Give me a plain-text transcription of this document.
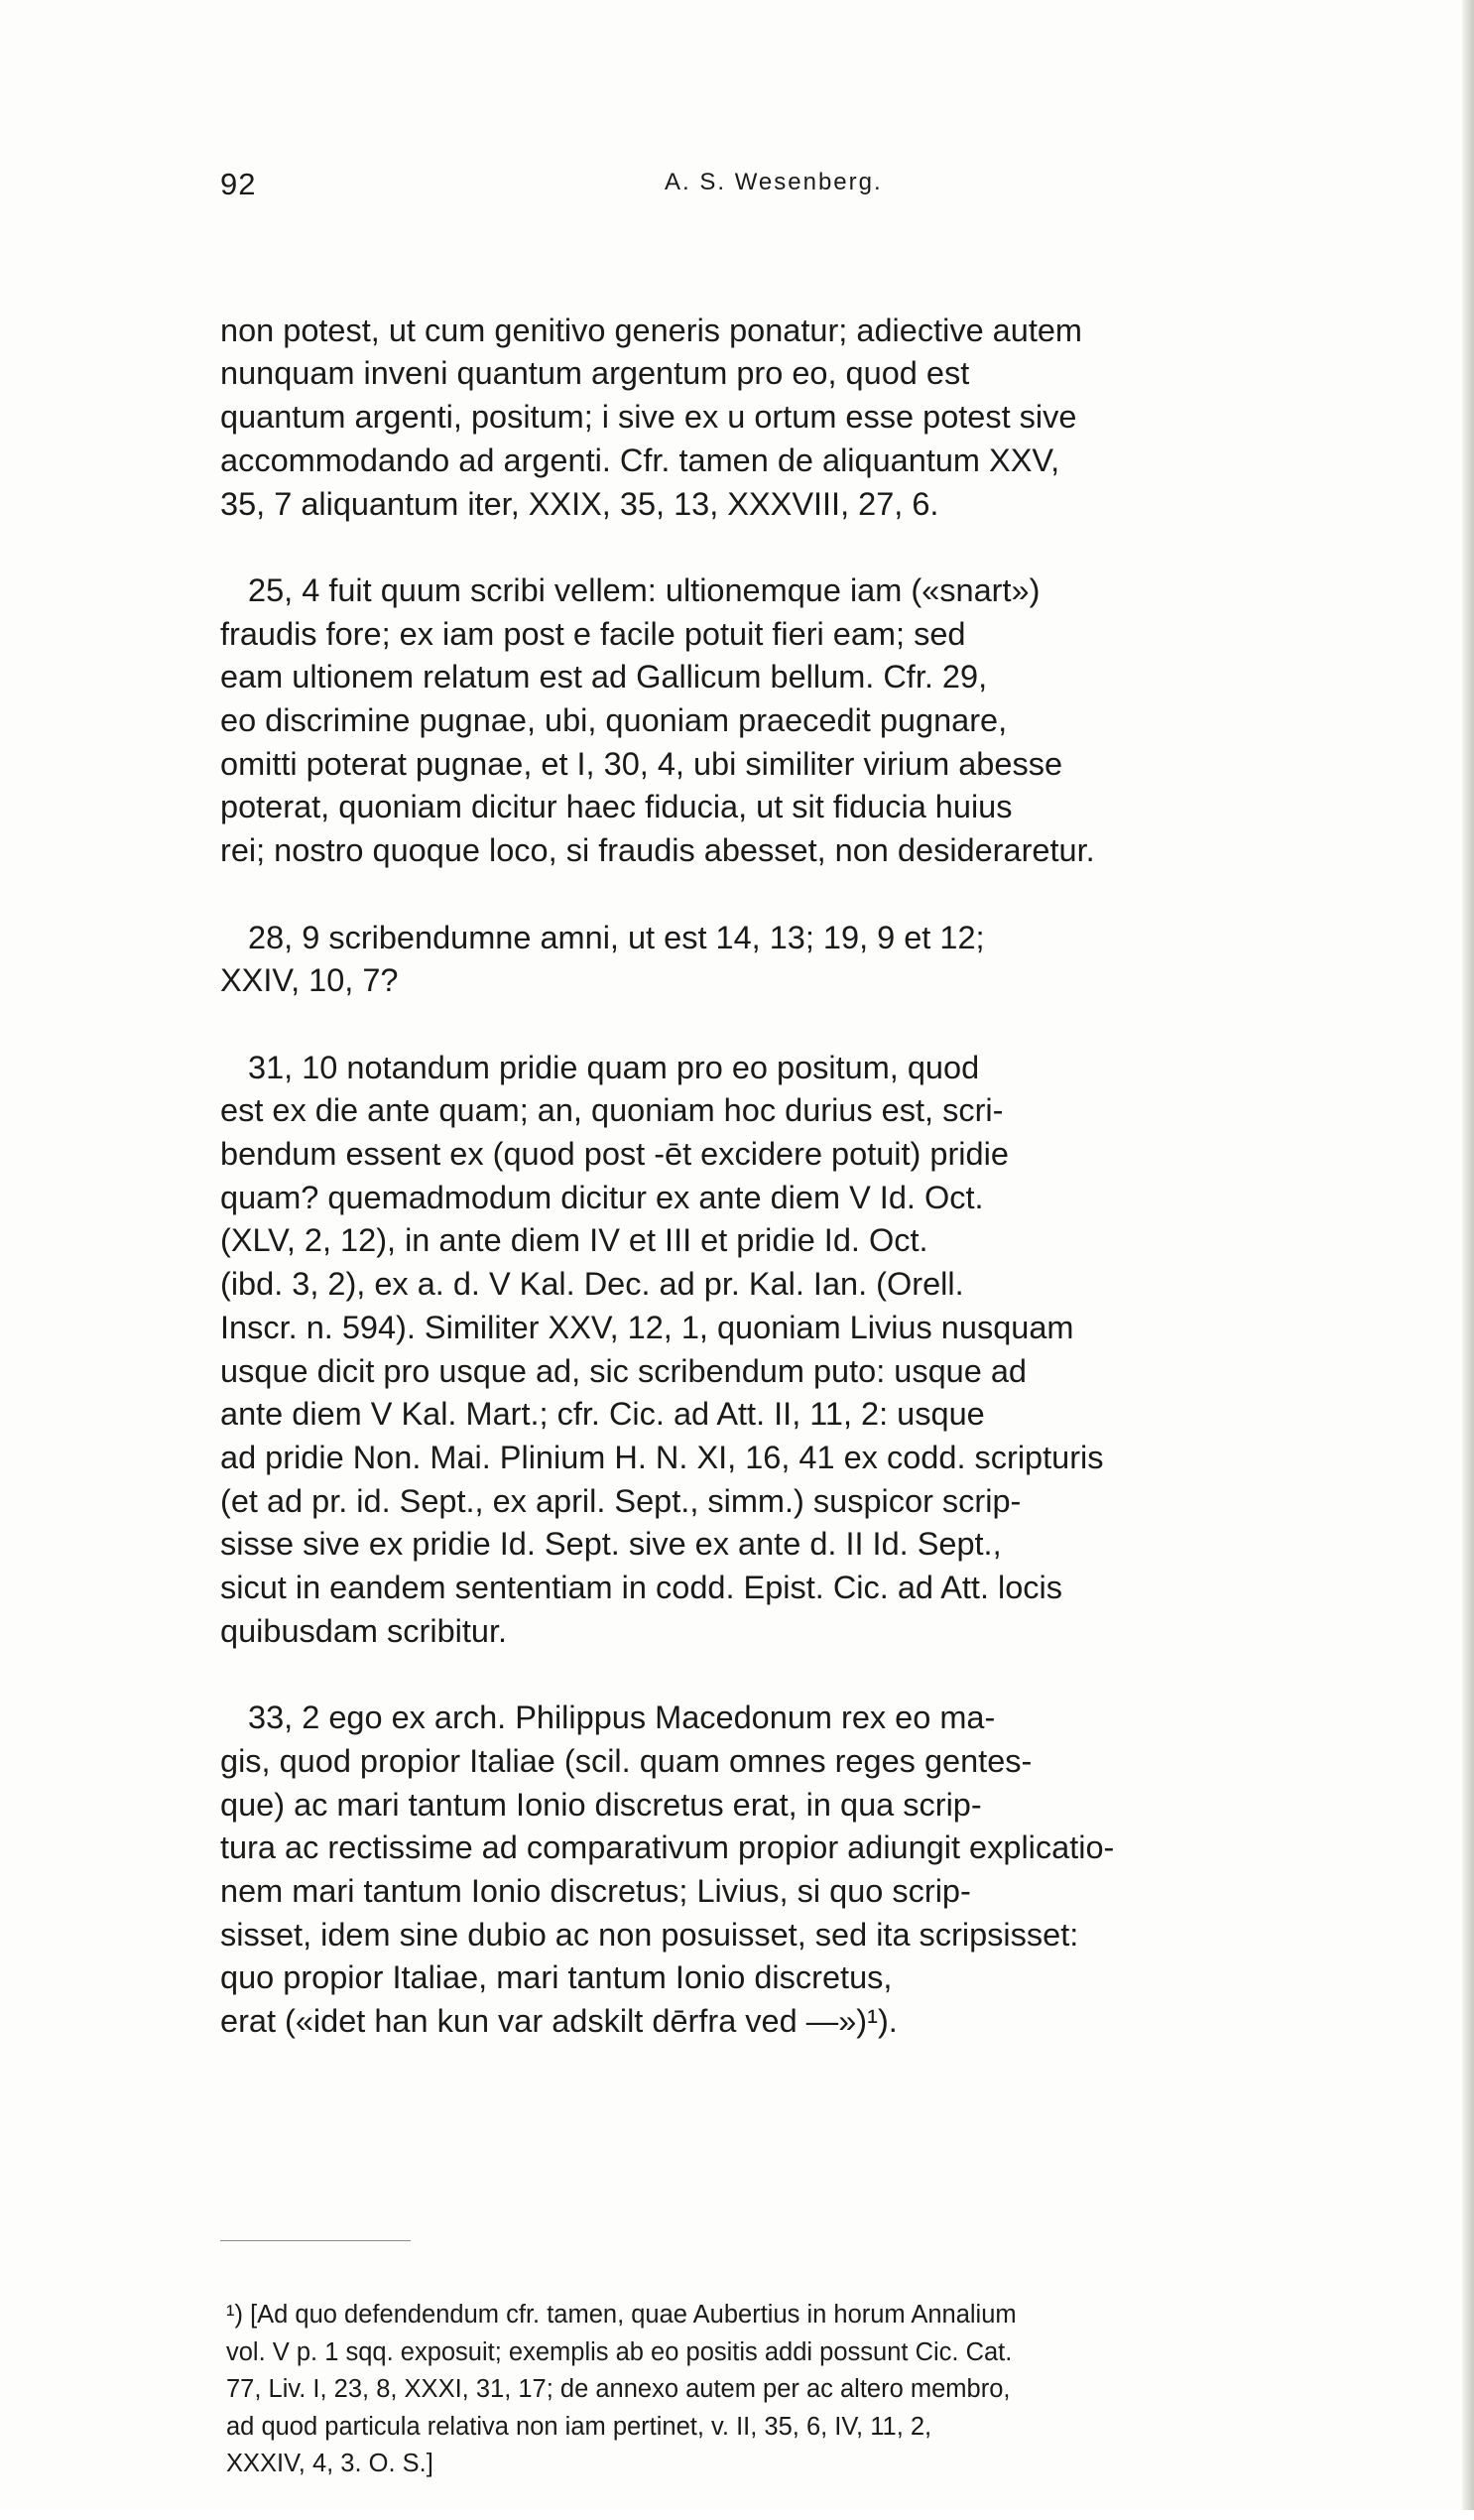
92	A. S. Wesenberg.

non potest, ut cum genitivo generis ponatur; adiective autem
nunquam inveni quantum argentum pro eo, quod est
quantum argenti, positum; i sive ex u ortum esse potest sive
accommodando ad argenti. Cfr. tamen de aliquantum XXV,
35, 7 aliquantum iter, XXIX, 35, 13, XXXVIII, 27, 6.

25, 4 fuit quum scribi vellem: ultionemque iam («snart»)
fraudis fore; ex iam post e facile potuit fieri eam; sed
eam ultionem relatum est ad Gallicum bellum. Cfr. 29,
eo discrimine pugnae, ubi, quoniam praecedit pugnare,
omitti poterat pugnae, et I, 30, 4, ubi similiter virium abesse
poterat, quoniam dicitur haec fiducia, ut sit fiducia huius
rei; nostro quoque loco, si fraudis abesset, non desideraretur.

28, 9 scribendumne amni, ut est 14, 13; 19, 9 et 12;
XXIV, 10, 7?

31, 10 notandum pridie quam pro eo positum, quod
est ex die ante quam; an, quoniam hoc durius est, scri-
bendum essent ex (quod post -ēt excidere potuit) pridie
quam? quemadmodum dicitur ex ante diem V Id. Oct.
(XLV, 2, 12), in ante diem IV et III et pridie Id. Oct.
(ibd. 3, 2), ex a. d. V Kal. Dec. ad pr. Kal. Ian. (Orell.
Inscr. n. 594). Similiter XXV, 12, 1, quoniam Livius nusquam
usque dicit pro usque ad, sic scribendum puto: usque ad
ante diem V Kal. Mart.; cfr. Cic. ad Att. II, 11, 2: usque
ad pridie Non. Mai. Plinium H. N. XI, 16, 41 ex codd. scripturis
(et ad pr. id. Sept., ex april. Sept., simm.) suspicor scrip-
sisse sive ex pridie Id. Sept. sive ex ante d. II Id. Sept.,
sicut in eandem sententiam in codd. Epist. Cic. ad Att. locis
quibusdam scribitur.

33, 2 ego ex arch. Philippus Macedonum rex eo ma-
gis, quod propior Italiae (scil. quam omnes reges gentes-
que) ac mari tantum Ionio discretus erat, in qua scrip-
tura ac rectissime ad comparativum propior adiungit explicatio-
nem mari tantum Ionio discretus; Livius, si quo scrip-
sisset, idem sine dubio ac non posuisset, sed ita scripsisset:
quo propior Italiae, mari tantum Ionio discretus,
erat («idet han kun var adskilt dērfra ved —»)¹).

¹) [Ad quo defendendum cfr. tamen, quae Aubertius in horum Annalium
vol. V p. 1 sqq. exposuit; exemplis ab eo positis addi possunt Cic. Cat.
77, Liv. I, 23, 8, XXXI, 31, 17; de annexo autem per ac altero membro,
ad quod particula relativa non iam pertinet, v. II, 35, 6, IV, 11, 2,
XXXIV, 4, 3. O. S.]
